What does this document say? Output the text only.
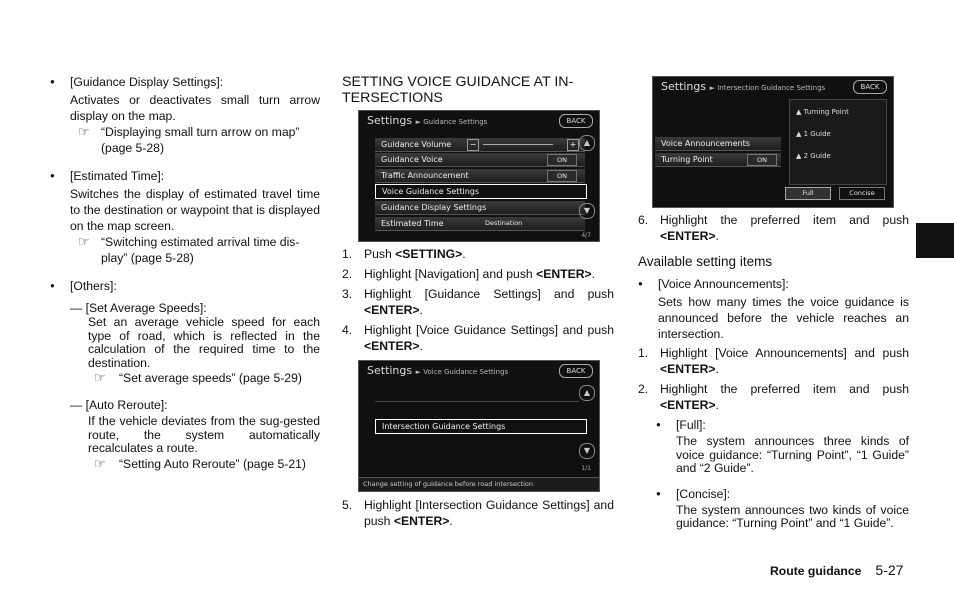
● [Guidance Display Settings]:

Activates or deactivates small turn arrow display on the map.

☞ “Displaying small turn arrow on map” (page 5-28)

● [Estimated Time]:

Switches the display of estimated travel time to the destination or waypoint that is displayed on the map screen.

☞ “Switching estimated arrival time dis-play” (page 5-28)

● [Others]:

— [Set Average Speeds]:

Set an average vehicle speed for each type of road, which is reflected in the calculation of the required time to the destination.

☞ “Set average speeds” (page 5-29)

— [Auto Reroute]:

If the vehicle deviates from the sug-gested route, the system automatically recalculates a route.

☞ “Setting Auto Reroute” (page 5-21)

SETTING VOICE GUIDANCE AT IN-TERSECTIONS

Settings ► Guidance Settings	BACK
Guidance Volume	−	+
Guidance Voice	ON
Traffic Announcement	ON
Voice Guidance Settings
Guidance Display Settings
Estimated Time	Destination
▲
▼
4/7

1. Push <SETTING>.

2. Highlight [Navigation] and push <ENTER>.

3. Highlight [Guidance Settings] and push <ENTER>.

4. Highlight [Voice Guidance Settings] and push <ENTER>.

Settings ► Voice Guidance Settings	BACK
Intersection Guidance Settings
▲
▼
1/1
Change setting of guidance before road intersection

5. Highlight [Intersection Guidance Settings] and push <ENTER>.

Settings ► Intersection Guidance Settings	BACK
Voice Announcements
Turning Point	ON
▲ Turning Point
▲ 1 Guide
▲ 2 Guide
Full	Concise

6. Highlight the preferred item and push <ENTER>.

Available setting items

● [Voice Announcements]:

Sets how many times the voice guidance is announced before the vehicle reaches an intersection.

1. Highlight [Voice Announcements] and push <ENTER>.

2. Highlight the preferred item and push <ENTER>.

● [Full]:

The system announces three kinds of voice guidance: “Turning Point”, “1 Guide” and “2 Guide”.

● [Concise]:

The system announces two kinds of voice guidance: “Turning Point” and “1 Guide”.

Route guidance 5-27
